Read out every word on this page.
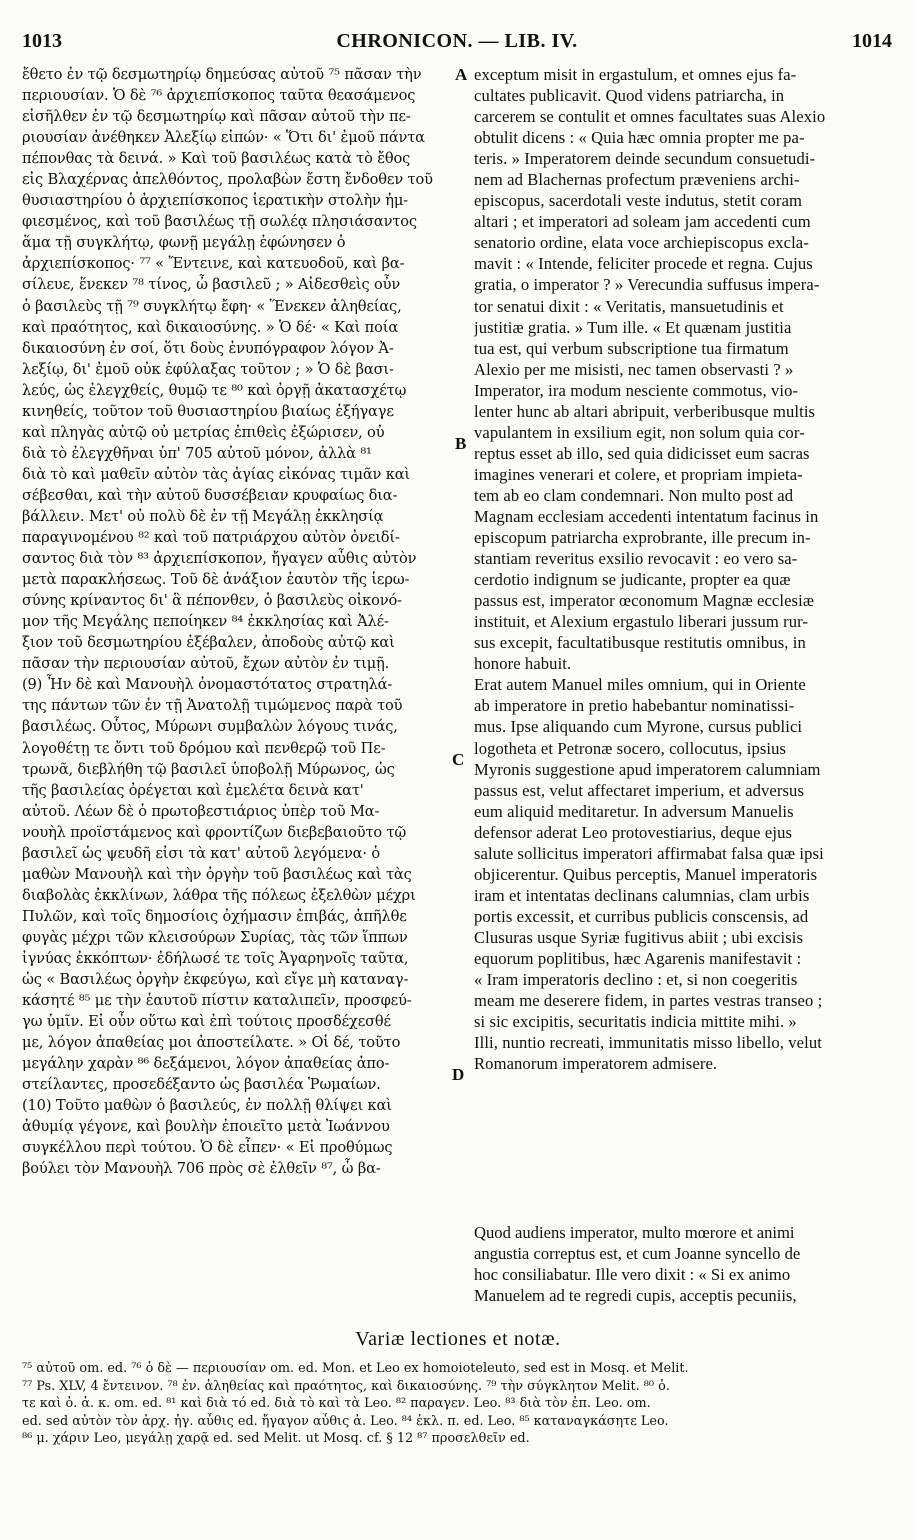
1013	CHRONICON. — LIB. IV.	1014
ἔθετο ἐν τῷ δεσμωτηρίῳ δημεύσας αὐτοῦ ⁷⁵ πᾶσαν τὴν
περιουσίαν. Ὁ δὲ ⁷⁶ ἀρχιεπίσκοπος ταῦτα θεασάμενος
εἰσῆλθεν ἐν τῷ δεσμωτηρίῳ καὶ πᾶσαν αὐτοῦ τὴν πε-
ριουσίαν ἀνέθηκεν Ἀλεξίῳ εἰπών· « Ὅτι δι' ἐμοῦ πάντα
πέπονθας τὰ δεινά. » Καὶ τοῦ βασιλέως κατὰ τὸ ἔθος
εἰς Βλαχέρνας ἀπελθόντος, προλαβὼν ἔστη ἔνδοθεν τοῦ
θυσιαστηρίου ὁ ἀρχιεπίσκοπος ἱερατικὴν στολὴν ἠμ-
φιεσμένος, καὶ τοῦ βασιλέως τῇ σωλέᾳ πλησιάσαντος
ἅμα τῇ συγκλήτῳ, φωνῇ μεγάλῃ ἐφώνησεν ὁ
ἀρχιεπίσκοπος· ⁷⁷ « Ἔντεινε, καὶ κατευοδοῦ, καὶ βα-
σίλευε, ἕνεκεν ⁷⁸ τίνος, ὦ βασιλεῦ ; » Αἰδεσθεὶς οὖν
ὁ βασιλεὺς τῇ ⁷⁹ συγκλήτῳ ἔφη· « Ἕνεκεν ἀληθείας,
καὶ πραότητος, καὶ δικαιοσύνης. » Ὁ δέ· « Καὶ ποία
δικαιοσύνη ἐν σοί, ὅτι δοὺς ἐνυπόγραφον λόγον Ἀ-
λεξίῳ, δι' ἐμοῦ οὐκ ἐφύλαξας τοῦτον ; » Ὁ δὲ βασι-
λεύς, ὡς ἐλεγχθείς, θυμῷ τε ⁸⁰ καὶ ὀργῇ ἀκατασχέτῳ
κινηθείς, τοῦτον τοῦ θυσιαστηρίου βιαίως ἐξήγαγε
καὶ πληγὰς αὐτῷ οὐ μετρίας ἐπιθεὶς ἐξώρισεν, οὐ
διὰ τὸ ἐλεγχθῆναι ὑπ' 705 αὐτοῦ μόνον, ἀλλὰ ⁸¹
διὰ τὸ καὶ μαθεῖν αὐτὸν τὰς ἁγίας εἰκόνας τιμᾶν καὶ
σέβεσθαι, καὶ τὴν αὐτοῦ δυσσέβειαν κρυφαίως δια-
βάλλειν. Μετ' οὐ πολὺ δὲ ἐν τῇ Μεγάλῃ ἐκκλησίᾳ
παραγινομένου ⁸² καὶ τοῦ πατριάρχου αὐτὸν ὀνειδί-
σαντος διὰ τὸν ⁸³ ἀρχιεπίσκοπον, ἤγαγεν αὖθις αὐτὸν
μετὰ παρακλήσεως. Τοῦ δὲ ἀνάξιον ἑαυτὸν τῆς ἱερω-
σύνης κρίναντος δι' ἃ πέπονθεν, ὁ βασιλεὺς οἰκονό-
μον τῆς Μεγάλης πεποίηκεν ⁸⁴ ἐκκλησίας καὶ Ἀλέ-
ξιον τοῦ δεσμωτηρίου ἐξέβαλεν, ἀποδοὺς αὐτῷ καὶ
πᾶσαν τὴν περιουσίαν αὐτοῦ, ἔχων αὐτὸν ἐν τιμῇ.
(9) Ἦν δὲ καὶ Μανουὴλ ὀνομαστότατος στρατηλά-
της πάντων τῶν ἐν τῇ Ἀνατολῇ τιμώμενος παρὰ τοῦ
βασιλέως. Οὗτος, Μύρωνι συμβαλὼν λόγους τινάς,
λογοθέτῃ τε ὄντι τοῦ δρόμου καὶ πενθερῷ τοῦ Πε-
τρωνᾶ, διεβλήθη τῷ βασιλεῖ ὑποβολῇ Μύρωνος, ὡς
τῆς βασιλείας ὀρέγεται καὶ ἐμελέτα δεινὰ κατ'
αὐτοῦ. Λέων δὲ ὁ πρωτοβεστιάριος ὑπὲρ τοῦ Μα-
νουὴλ προϊστάμενος καὶ φροντίζων διεβεβαιοῦτο τῷ
βασιλεῖ ὡς ψευδῆ εἰσι τὰ κατ' αὐτοῦ λεγόμενα· ὁ
μαθὼν Μανουὴλ καὶ τὴν ὀργὴν τοῦ βασιλέως καὶ τὰς
διαβολὰς ἐκκλίνων, λάθρα τῆς πόλεως ἐξελθὼν μέχρι
Πυλῶν, καὶ τοῖς δημοσίοις ὀχήμασιν ἐπιβάς, ἀπῆλθε
φυγὰς μέχρι τῶν κλεισούρων Συρίας, τὰς τῶν ἵππων
ἰγνύας ἐκκόπτων· ἐδήλωσέ τε τοῖς Ἀγαρηνοῖς ταῦτα,
ὡς « Βασιλέως ὀργὴν ἐκφεύγω, καὶ εἴγε μὴ καταναγ-
κάσητέ ⁸⁵ με τὴν ἑαυτοῦ πίστιν καταλιπεῖν, προσφεύ-
γω ὑμῖν. Εἰ οὖν οὕτω καὶ ἐπὶ τούτοις προσδέχεσθέ
με, λόγον ἀπαθείας μοι ἀποστείλατε. » Οἱ δέ, τοῦτο
μεγάλην χαρὰν ⁸⁶ δεξάμενοι, λόγον ἀπαθείας ἀπο-
στείλαντες, προσεδέξαντο ὡς βασιλέα Ῥωμαίων.
(10) Τοῦτο μαθὼν ὁ βασιλεύς, ἐν πολλῇ θλίψει καὶ
ἀθυμίᾳ γέγονε, καὶ βουλὴν ἐποιεῖτο μετὰ Ἰωάννου
συγκέλλου περὶ τούτου. Ὁ δὲ εἶπεν· « Εἰ προθύμως
βούλει τὸν Μανουὴλ 706 πρὸς σὲ ἐλθεῖν ⁸⁷, ὦ βα-
exceptum misit in ergastulum, et omnes ejus fa-
cultates publicavit. Quod videns patriarcha, in
carcerem se contulit et omnes facultates suas Alexio
obtulit dicens : « Quia hæc omnia propter me pa-
teris. » Imperatorem deinde secundum consuetudi-
nem ad Blachernas profectum præveniens archi-
episcopus, sacerdotali veste indutus, stetit coram
altari ; et imperatori ad soleam jam accedenti cum
senatorio ordine, elata voce archiepiscopus excla-
mavit : « Intende, feliciter procede et regna. Cujus
gratia, o imperator ? » Verecundia suffusus impera-
tor senatui dixit : « Veritatis, mansuetudinis et
justitiæ gratia. » Tum ille. « Et quænam justitia
tua est, qui verbum subscriptione tua firmatum
Alexio per me misisti, nec tamen observasti ? »
Imperator, ira modum nesciente commotus, vio-
lenter hunc ab altari abripuit, verberibusque multis
vapulantem in exsilium egit, non solum quia cor-
reptus esset ab illo, sed quia didicisset eum sacras
imagines venerari et colere, et propriam impieta-
tem ab eo clam condemnari. Non multo post ad
Magnam ecclesiam accedenti intentatum facinus in
episcopum patriarcha exprobrante, ille precum in-
stantiam reveritus exsilio revocavit : eo vero sa-
cerdotio indignum se judicante, propter ea quæ
passus est, imperator œconomum Magnæ ecclesiæ
instituit, et Alexium ergastulo liberari jussum rur-
sus excepit, facultatibusque restitutis omnibus, in
honore habuit.
Erat autem Manuel miles omnium, qui in Oriente
ab imperatore in pretio habebantur nominatissi-
mus. Ipse aliquando cum Myrone, cursus publici
logotheta et Petronæ socero, collocutus, ipsius
Myronis suggestione apud imperatorem calumniam
passus est, velut affectaret imperium, et adversus
eum aliquid meditaretur. In adversum Manuelis
defensor aderat Leo protovestiarius, deque ejus
salute sollicitus imperatori affirmabat falsa quæ ipsi
objicerentur. Quibus perceptis, Manuel imperatoris
iram et intentatas declinans calumnias, clam urbis
portis excessit, et curribus publicis conscensis, ad
Clusuras usque Syriæ fugitivus abiit ; ubi excisis
equorum poplitibus, hæc Agarenis manifestavit :
« Iram imperatoris declino : et, si non coegeritis
meam me deserere fidem, in partes vestras transeo ;
si sic excipitis, securitatis indicia mittite mihi. »
Illi, nuntio recreati, immunitatis misso libello, velut
Romanorum imperatorem admisere.
Quod audiens imperator, multo mœrore et animi
angustia correptus est, et cum Joanne syncello de
hoc consiliabatur. Ille vero dixit : « Si ex animo
Manuelem ad te regredi cupis, acceptis pecuniis,
A
B
C
D
Variæ lectiones et notæ.
⁷⁵ αὐτοῦ om. ed. ⁷⁶ ὁ δὲ — περιουσίαν om. ed. Mon. et Leo ex homoioteleuto, sed est in Mosq. et Melit.
⁷⁷ Ps. XLV, 4 ἔντεινον. ⁷⁸ ἐν. ἀληθείας καὶ πραότητος, καὶ δικαιοσύνης. ⁷⁹ τὴν σύγκλητον Melit. ⁸⁰ ὀ.
τε καὶ ὀ. ἀ. κ. om. ed. ⁸¹ καὶ διὰ τό ed. διὰ τὸ καὶ τὰ Leo. ⁸² παραγεν. Leo. ⁸³ διὰ τὸν ἐπ. Leo. om.
ed. sed αὐτὸν τὸν ἀρχ. ἠγ. αὖθις ed. ἤγαγον αὖθις ἀ. Leo. ⁸⁴ ἐκλ. π. ed. Leo. ⁸⁵ καταναγκάσητε Leo.
⁸⁶ μ. χάριν Leo, μεγάλῃ χαρᾷ ed. sed Melit. ut Mosq. cf. § 12 ⁸⁷ προσελθεῖν ed.
